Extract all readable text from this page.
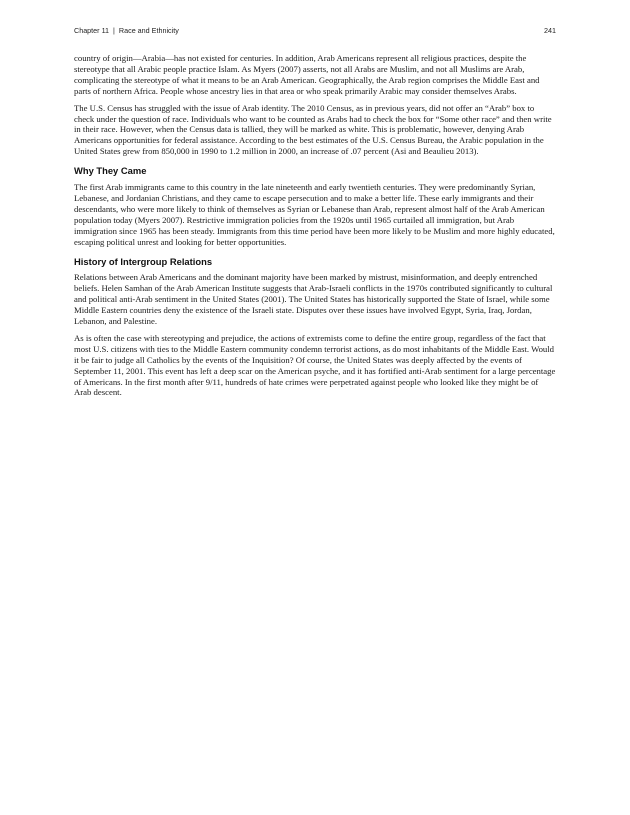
Chapter 11 | Race and Ethnicity	241

country of origin—Arabia—has not existed for centuries. In addition, Arab Americans represent all religious practices, despite the stereotype that all Arabic people practice Islam. As Myers (2007) asserts, not all Arabs are Muslim, and not all Muslims are Arab, complicating the stereotype of what it means to be an Arab American. Geographically, the Arab region comprises the Middle East and parts of northern Africa. People whose ancestry lies in that area or who speak primarily Arabic may consider themselves Arabs.

The U.S. Census has struggled with the issue of Arab identity. The 2010 Census, as in previous years, did not offer an “Arab” box to check under the question of race. Individuals who want to be counted as Arabs had to check the box for “Some other race” and then write in their race. However, when the Census data is tallied, they will be marked as white. This is problematic, however, denying Arab Americans opportunities for federal assistance. According to the best estimates of the U.S. Census Bureau, the Arabic population in the United States grew from 850,000 in 1990 to 1.2 million in 2000, an increase of .07 percent (Asi and Beaulieu 2013).

Why They Came

The first Arab immigrants came to this country in the late nineteenth and early twentieth centuries. They were predominantly Syrian, Lebanese, and Jordanian Christians, and they came to escape persecution and to make a better life. These early immigrants and their descendants, who were more likely to think of themselves as Syrian or Lebanese than Arab, represent almost half of the Arab American population today (Myers 2007). Restrictive immigration policies from the 1920s until 1965 curtailed all immigration, but Arab immigration since 1965 has been steady. Immigrants from this time period have been more likely to be Muslim and more highly educated, escaping political unrest and looking for better opportunities.

History of Intergroup Relations

Relations between Arab Americans and the dominant majority have been marked by mistrust, misinformation, and deeply entrenched beliefs. Helen Samhan of the Arab American Institute suggests that Arab-Israeli conflicts in the 1970s contributed significantly to cultural and political anti-Arab sentiment in the United States (2001). The United States has historically supported the State of Israel, while some Middle Eastern countries deny the existence of the Israeli state. Disputes over these issues have involved Egypt, Syria, Iraq, Jordan, Lebanon, and Palestine.

As is often the case with stereotyping and prejudice, the actions of extremists come to define the entire group, regardless of the fact that most U.S. citizens with ties to the Middle Eastern community condemn terrorist actions, as do most inhabitants of the Middle East. Would it be fair to judge all Catholics by the events of the Inquisition? Of course, the United States was deeply affected by the events of September 11, 2001. This event has left a deep scar on the American psyche, and it has fortified anti-Arab sentiment for a large percentage of Americans. In the first month after 9/11, hundreds of hate crimes were perpetrated against people who looked like they might be of Arab descent.
